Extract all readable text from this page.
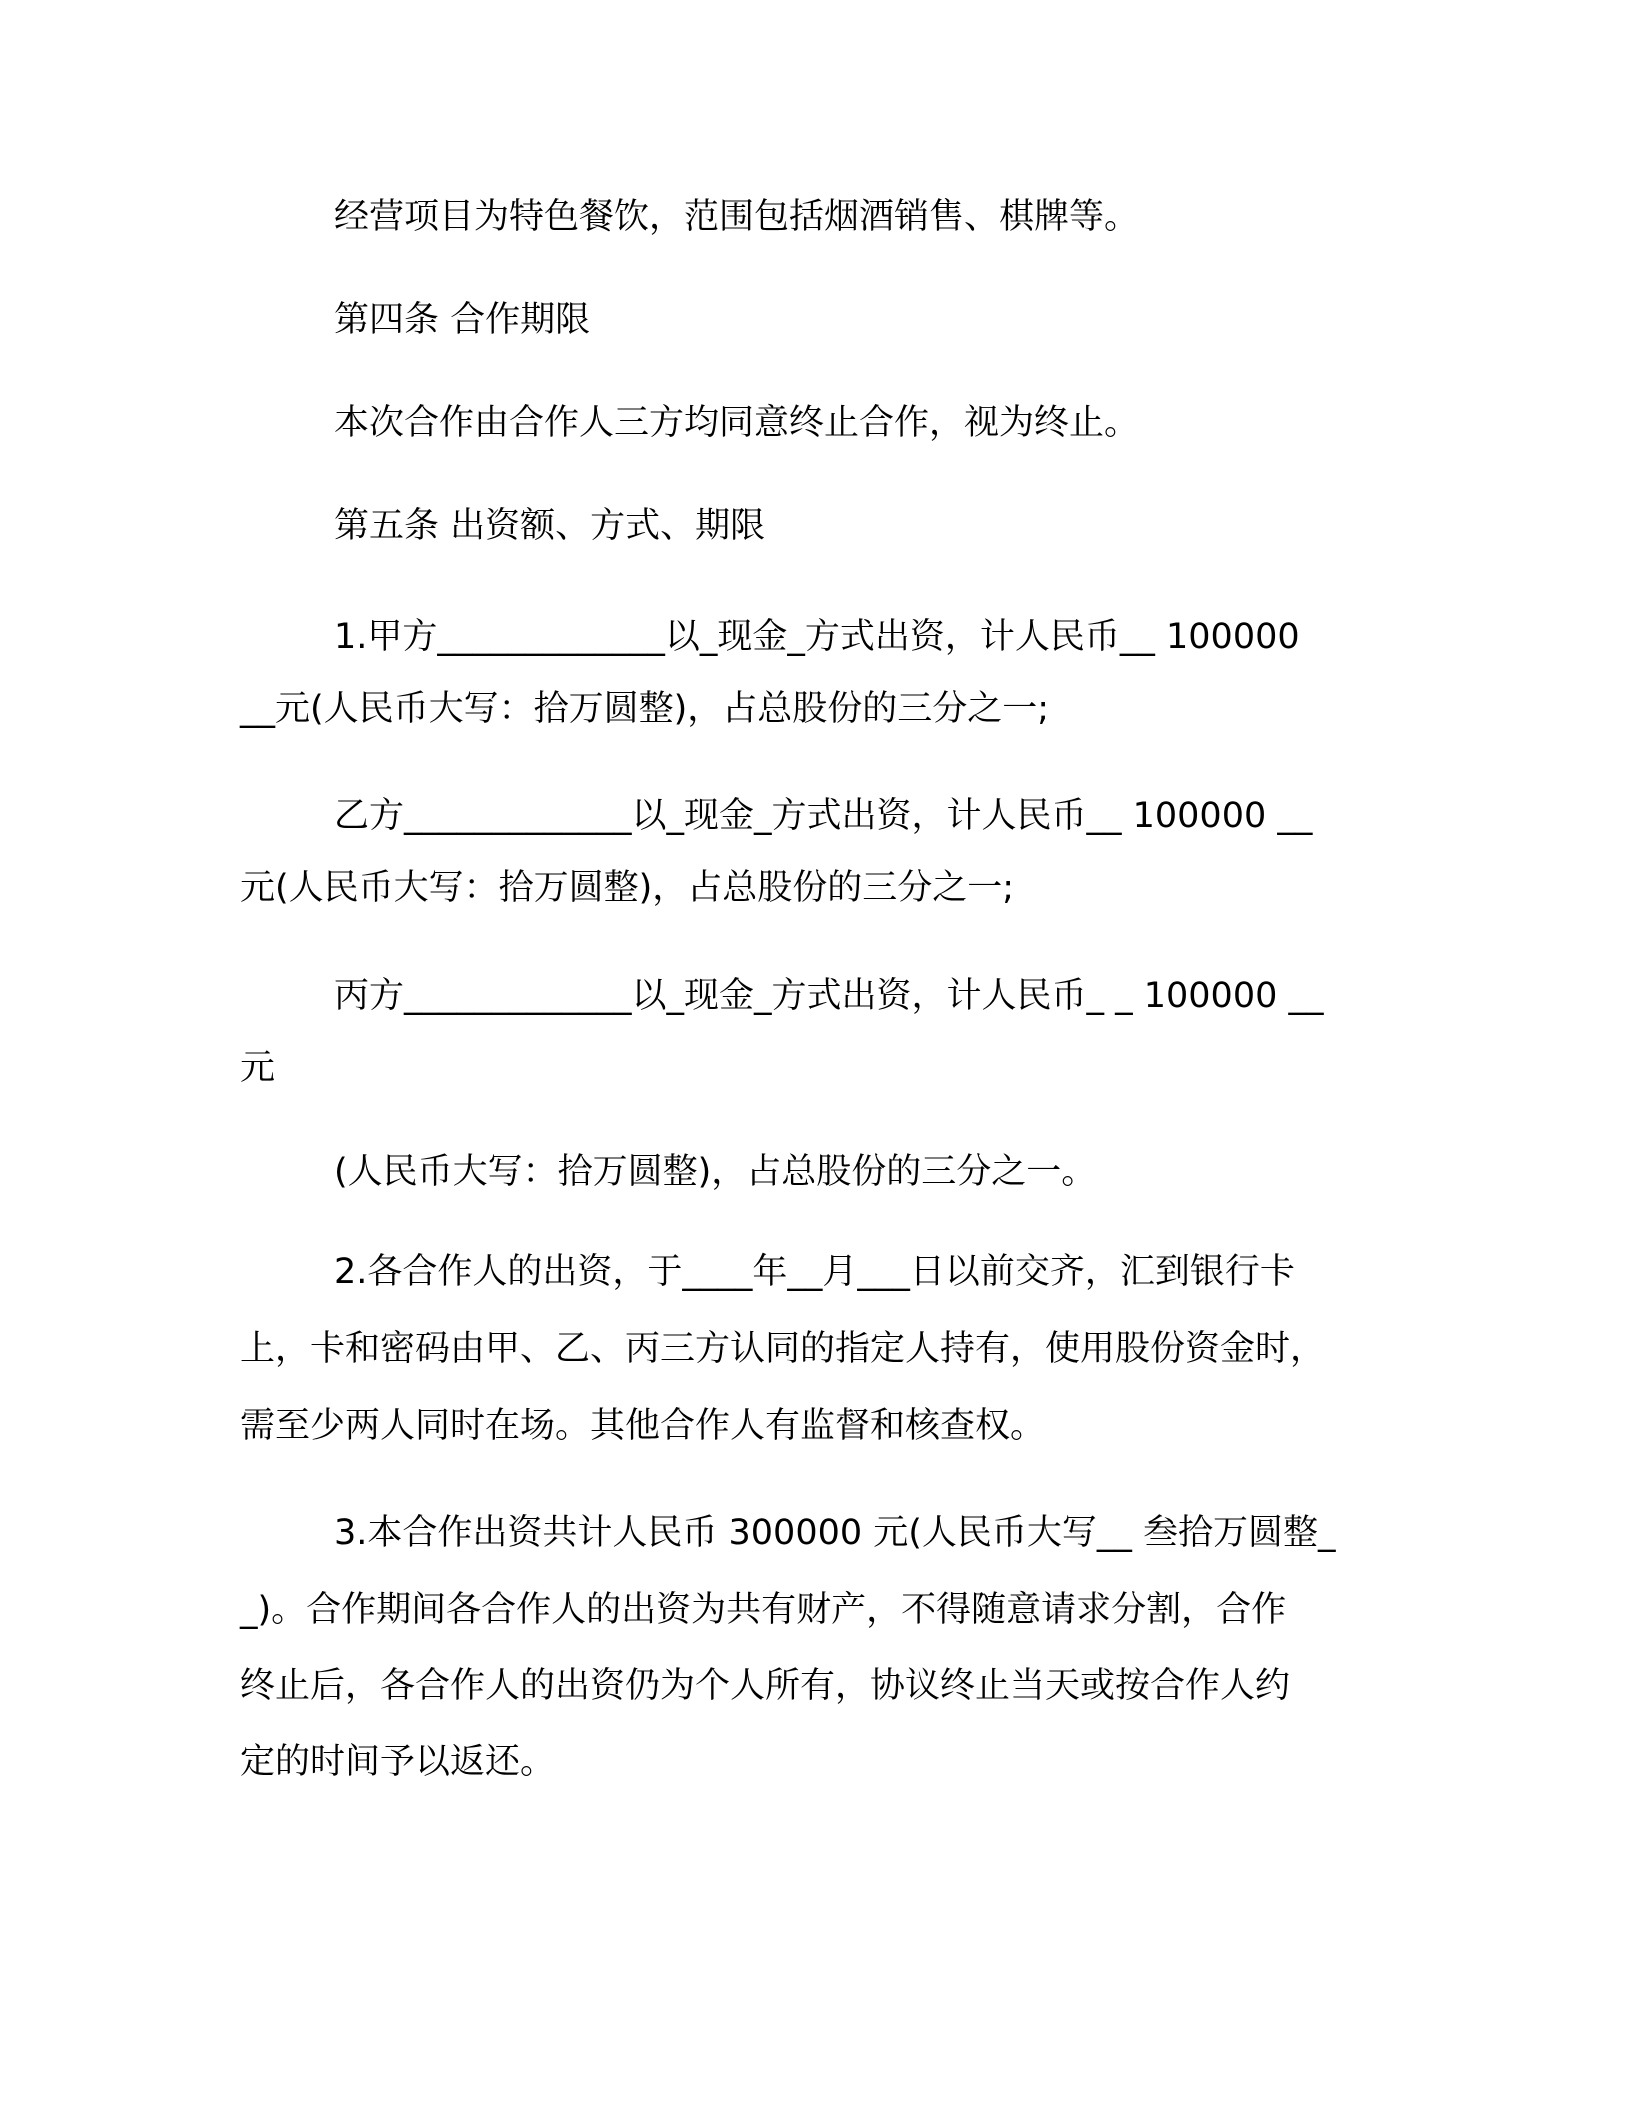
经营项目为特色餐饮，范围包括烟酒销售、棋牌等。
第四条 合作期限
本次合作由合作人三方均同意终止合作，视为终止。
第五条 出资额、方式、期限
1.甲方_____________以_现金_方式出资，计人民币__ 100000
__元(人民币大写：拾万圆整)，占总股份的三分之一;
乙方_____________以_现金_方式出资，计人民币__ 100000 __
元(人民币大写：拾万圆整)，占总股份的三分之一;
丙方_____________以_现金_方式出资，计人民币_ _ 100000 __
元
(人民币大写：拾万圆整)，占总股份的三分之一。
2.各合作人的出资，于____年__月___日以前交齐，汇到银行卡
上，卡和密码由甲、乙、丙三方认同的指定人持有，使用股份资金时，
需至少两人同时在场。其他合作人有监督和核查权。
3.本合作出资共计人民币 300000 元(人民币大写__ 叁拾万圆整_
_)。合作期间各合作人的出资为共有财产，不得随意请求分割，合作
终止后，各合作人的出资仍为个人所有，协议终止当天或按合作人约
定的时间予以返还。
